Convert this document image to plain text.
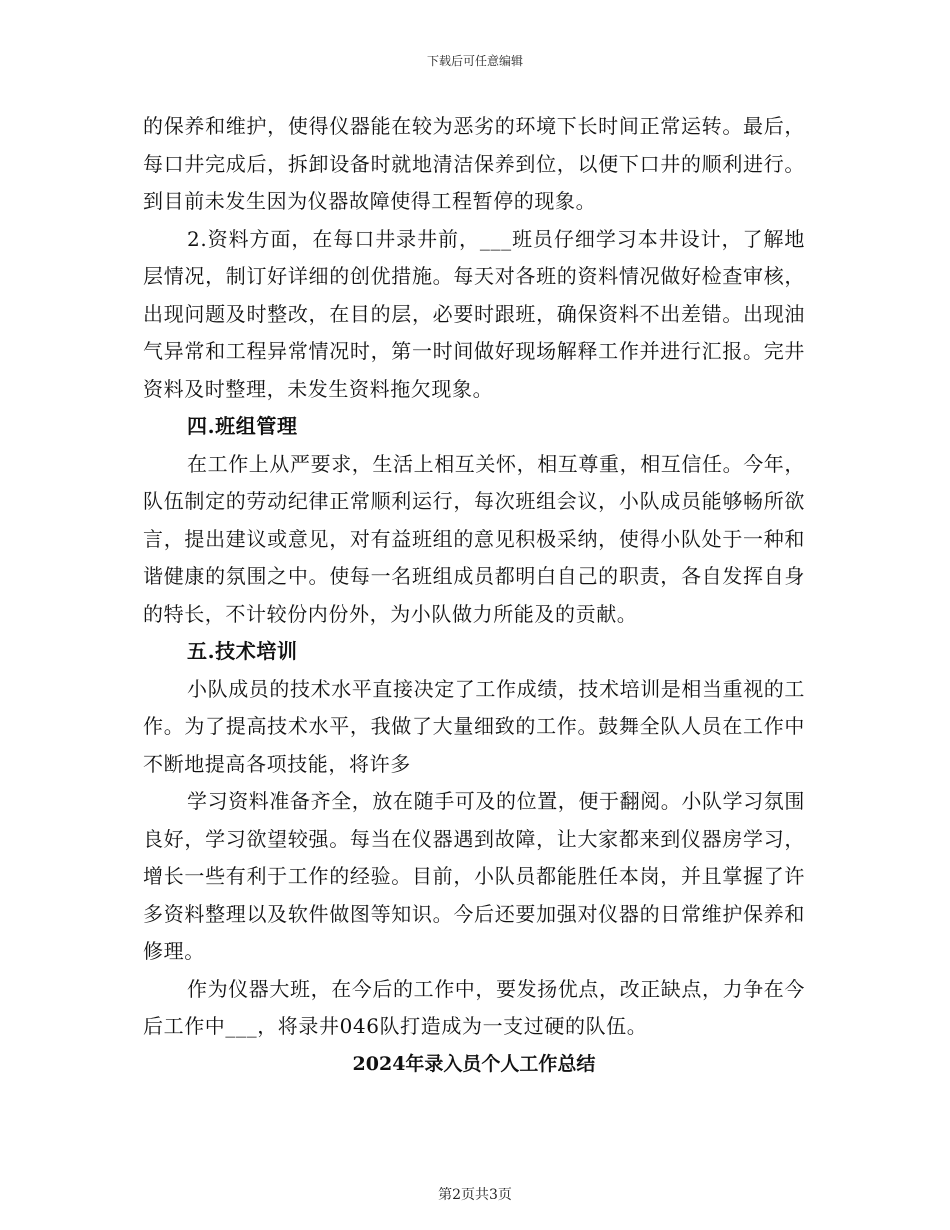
下载后可任意编辑

的保养和维护，使得仪器能在较为恶劣的环境下长时间正常运转。最后，每口井完成后，拆卸设备时就地清洁保养到位，以便下口井的顺利进行。到目前未发生因为仪器故障使得工程暂停的现象。

2.资料方面，在每口井录井前，___班员仔细学习本井设计，了解地层情况，制订好详细的创优措施。每天对各班的资料情况做好检查审核，出现问题及时整改，在目的层，必要时跟班，确保资料不出差错。出现油气异常和工程异常情况时，第一时间做好现场解释工作并进行汇报。完井资料及时整理，未发生资料拖欠现象。

四.班组管理

在工作上从严要求，生活上相互关怀，相互尊重，相互信任。今年，队伍制定的劳动纪律正常顺利运行，每次班组会议，小队成员能够畅所欲言，提出建议或意见，对有益班组的意见积极采纳，使得小队处于一种和谐健康的氛围之中。使每一名班组成员都明白自己的职责，各自发挥自身的特长，不计较份内份外，为小队做力所能及的贡献。

五.技术培训

小队成员的技术水平直接决定了工作成绩，技术培训是相当重视的工作。为了提高技术水平，我做了大量细致的工作。鼓舞全队人员在工作中不断地提高各项技能，将许多

学习资料准备齐全，放在随手可及的位置，便于翻阅。小队学习氛围良好，学习欲望较强。每当在仪器遇到故障，让大家都来到仪器房学习，增长一些有利于工作的经验。目前，小队员都能胜任本岗，并且掌握了许多资料整理以及软件做图等知识。今后还要加强对仪器的日常维护保养和修理。

作为仪器大班，在今后的工作中，要发扬优点，改正缺点，力争在今后工作中___，将录井046队打造成为一支过硬的队伍。

2024年录入员个人工作总结

第2页共3页
